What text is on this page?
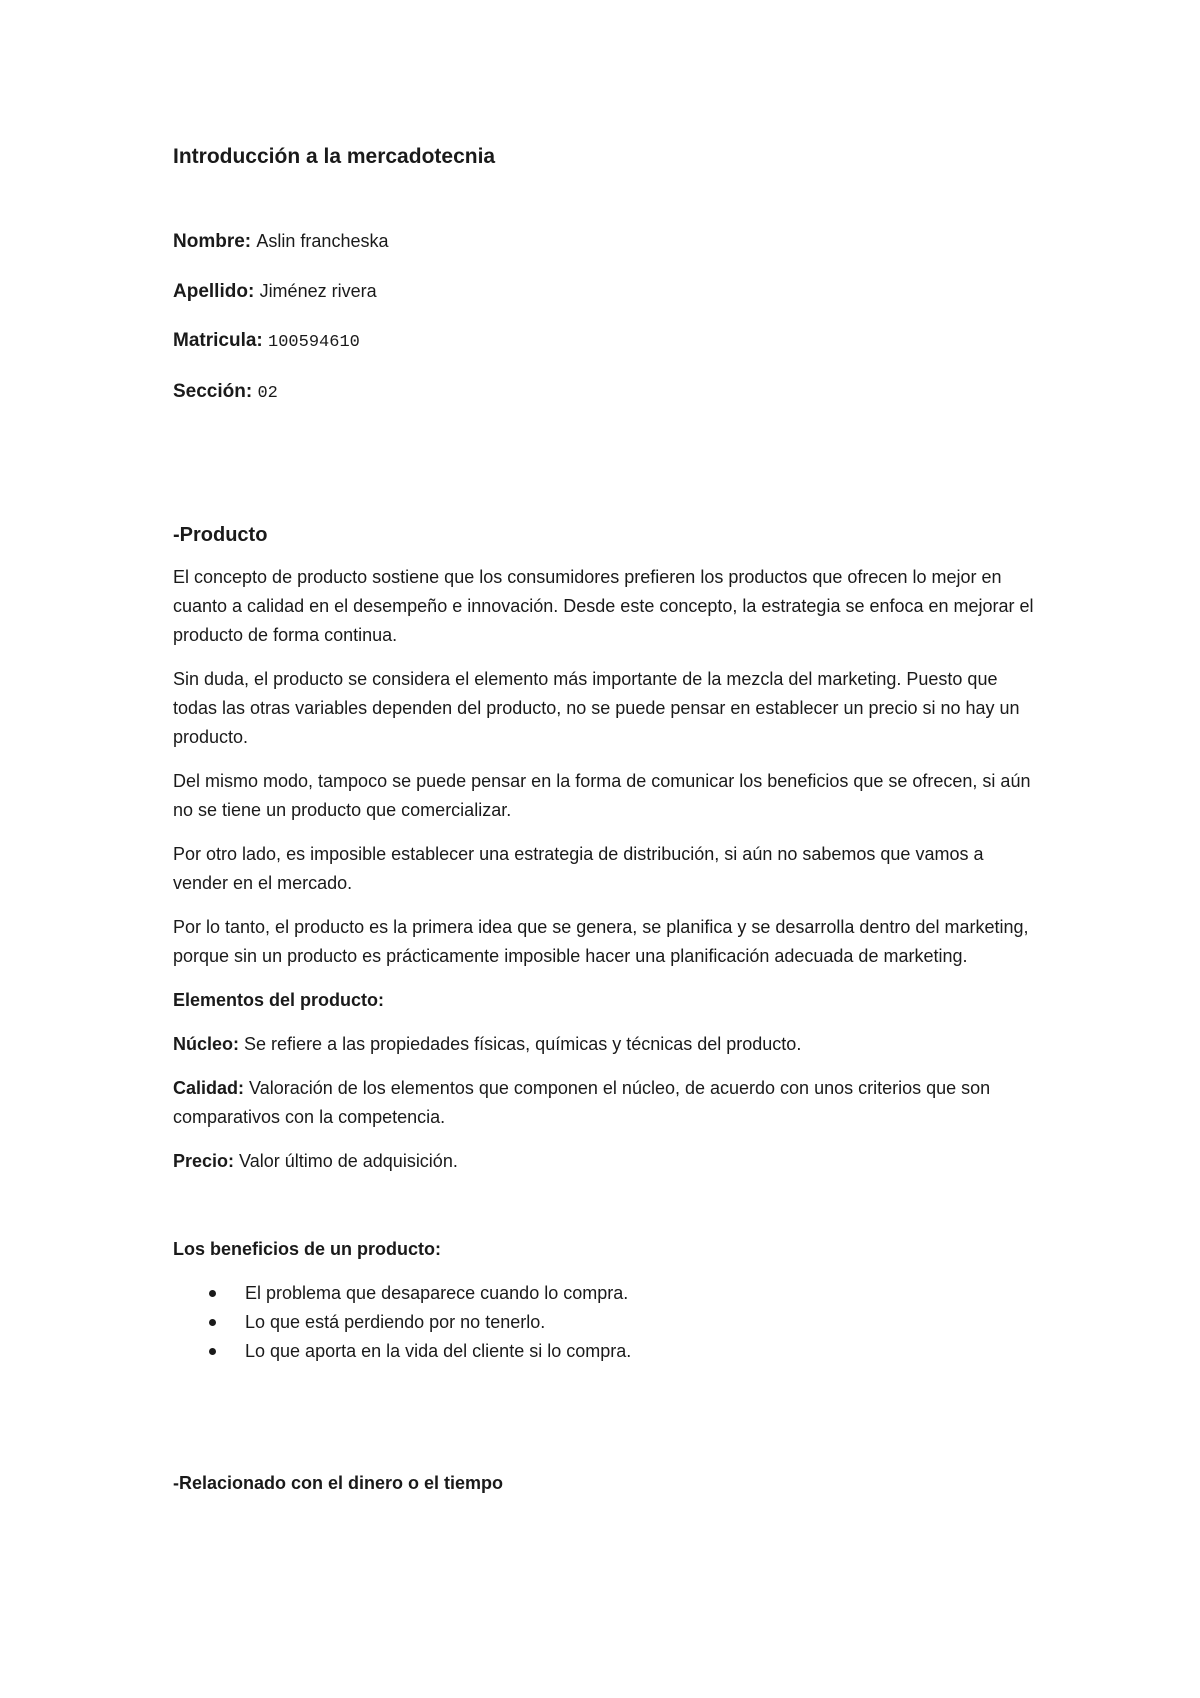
Introducción a la mercadotecnia
Nombre: Aslin francheska
Apellido: Jiménez rivera
Matricula: 100594610
Sección: 02
-Producto

El concepto de producto sostiene que los consumidores prefieren los productos que ofrecen lo mejor en cuanto a calidad en el desempeño e innovación. Desde este concepto, la estrategia se enfoca en mejorar el producto de forma continua.

Sin duda, el producto se considera el elemento más importante de la mezcla del marketing. Puesto que todas las otras variables dependen del producto, no se puede pensar en establecer un precio si no hay un producto.

Del mismo modo, tampoco se puede pensar en la forma de comunicar los beneficios que se ofrecen, si aún no se tiene un producto que comercializar.

Por otro lado, es imposible establecer una estrategia de distribución, si aún no sabemos que vamos a vender en el mercado.

Por lo tanto, el producto es la primera idea que se genera, se planifica y se desarrolla dentro del marketing, porque sin un producto es prácticamente imposible hacer una planificación adecuada de marketing.

Elementos del producto:

Núcleo: Se refiere a las propiedades físicas, químicas y técnicas del producto.

Calidad: Valoración de los elementos que componen el núcleo, de acuerdo con unos criterios que son comparativos con la competencia.

Precio: Valor último de adquisición.

Los beneficios de un producto:
El problema que desaparece cuando lo compra.
Lo que está perdiendo por no tenerlo.
Lo que aporta en la vida del cliente si lo compra.
-Relacionado con el dinero o el tiempo
